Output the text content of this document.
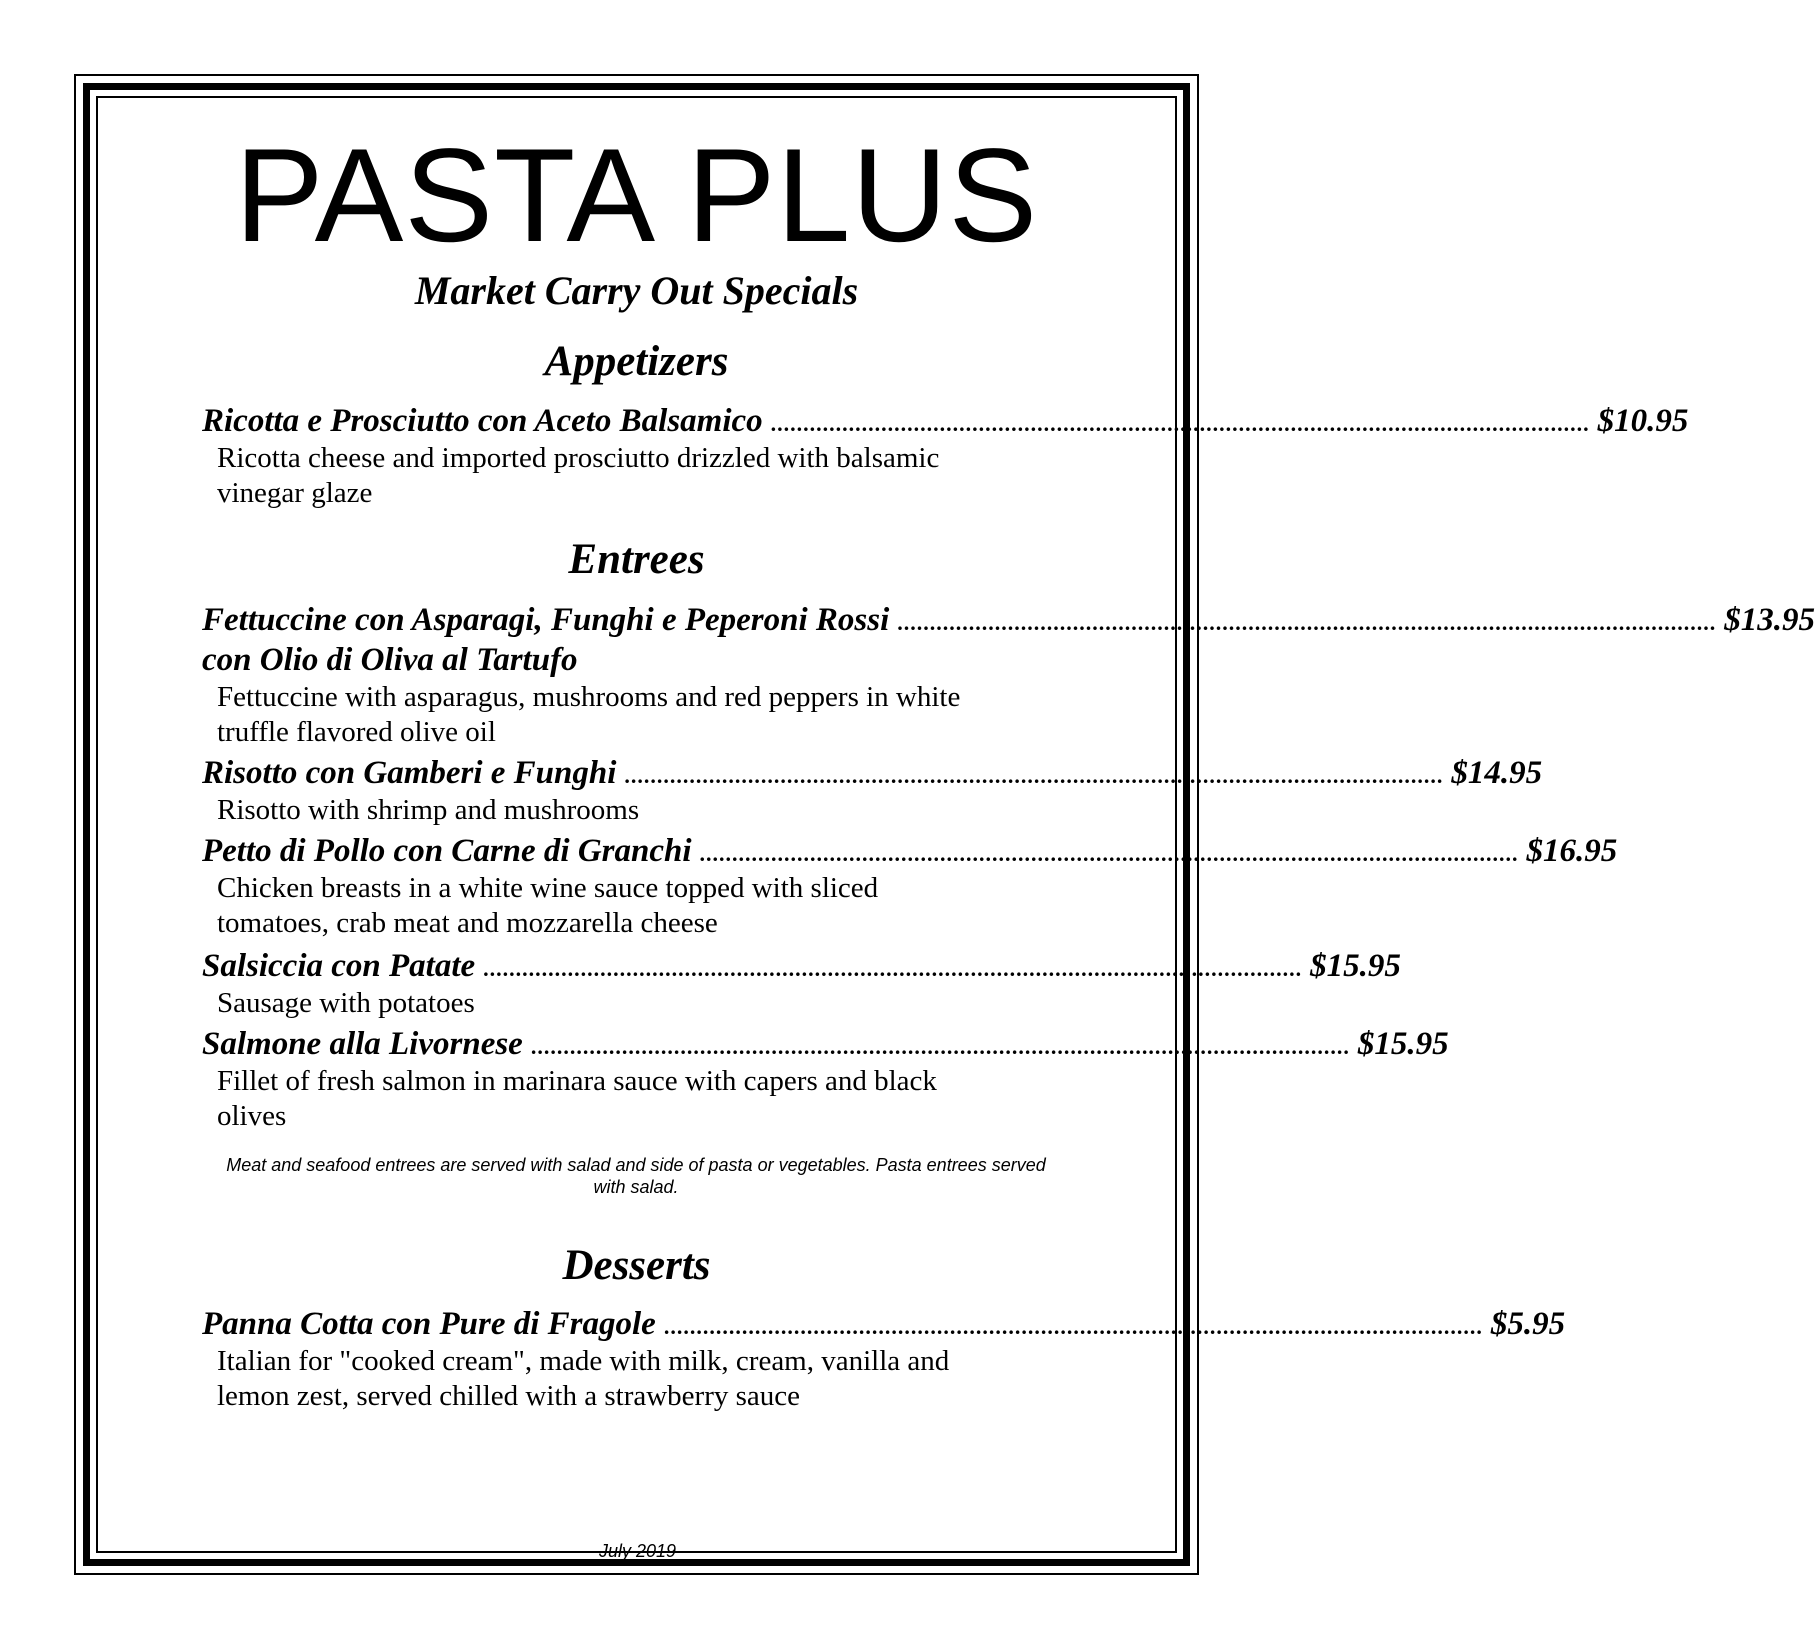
PASTA PLUS
Market Carry Out Specials
Appetizers
Ricotta e Prosciutto con Aceto Balsamico .............................................................................................................................. $10.95
Ricotta cheese and imported prosciutto drizzled with balsamic vinegar glaze
Entrees
Fettuccine con Asparagi, Funghi e Peperoni Rossi .............................................................................................................................. $13.95
con Olio di Oliva al Tartufo
Fettuccine with asparagus, mushrooms and red peppers in white truffle flavored olive oil
Risotto con Gamberi e Funghi .............................................................................................................................. $14.95
Risotto with shrimp and mushrooms
Petto di Pollo con Carne di Granchi .............................................................................................................................. $16.95
Chicken breasts in a white wine sauce topped with sliced tomatoes, crab meat and mozzarella cheese
Salsiccia con Patate .............................................................................................................................. $15.95
Sausage with potatoes
Salmone alla Livornese .............................................................................................................................. $15.95
Fillet of fresh salmon in marinara sauce with capers and black olives
Meat and seafood entrees are served with salad and side of pasta or vegetables. Pasta entrees served with salad.
Desserts
Panna Cotta con Pure di Fragole .............................................................................................................................. $5.95
Italian for "cooked cream", made with milk, cream, vanilla and lemon zest, served chilled with a strawberry sauce
July 2019
